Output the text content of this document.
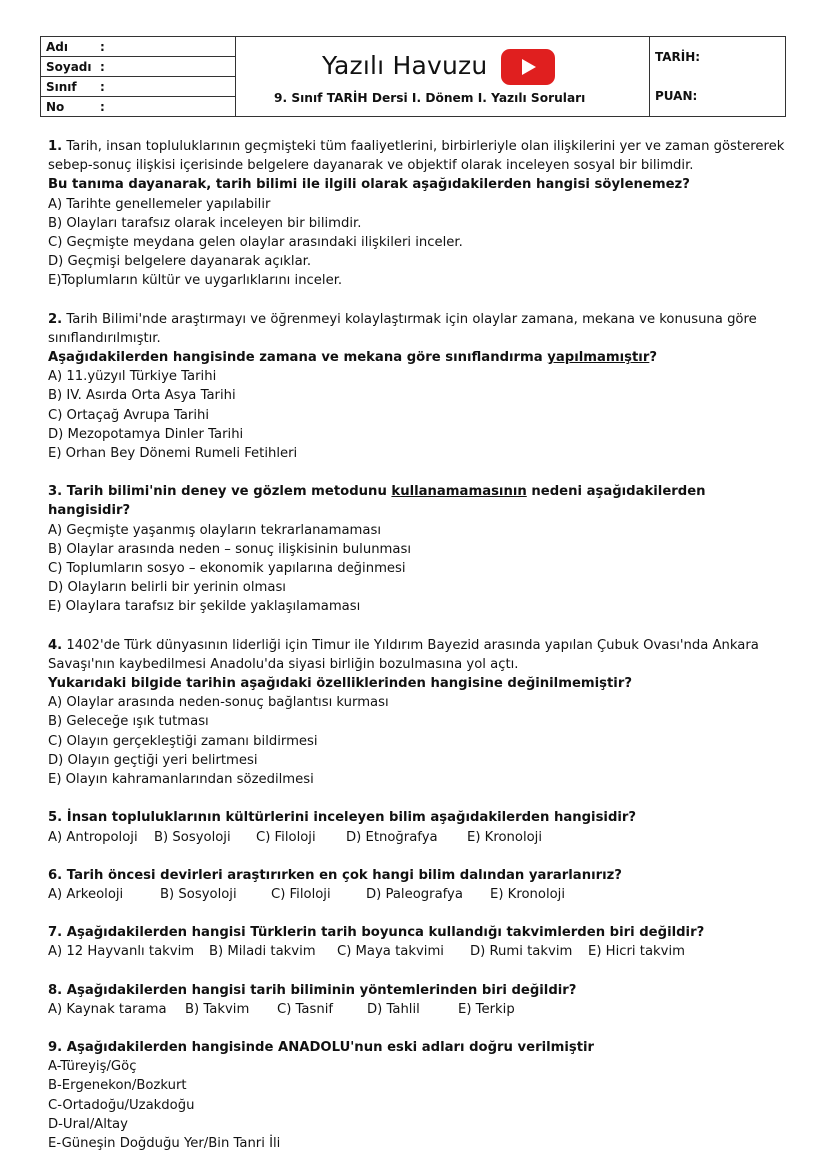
Adı	:
Soyadı :
Sınıf	:
No	:
Yazılı Havuzu
9. Sınıf TARİH Dersi I. Dönem I. Yazılı Soruları
TARİH:
PUAN:
1. Tarih, insan topluluklarının geçmişteki tüm faaliyetlerini, birbirleriyle olan ilişkilerini yer ve zaman göstererek sebep-sonuç ilişkisi içerisinde belgelere dayanarak ve objektif olarak inceleyen sosyal bir bilimdir.
Bu tanıma dayanarak, tarih bilimi ile ilgili olarak aşağıdakilerden hangisi söylenemez?
A) Tarihte genellemeler yapılabilir
B) Olayları tarafsız olarak inceleyen bir bilimdir.
C) Geçmişte meydana gelen olaylar arasındaki ilişkileri inceler.
D) Geçmişi belgelere dayanarak açıklar.
E)Toplumların kültür ve uygarlıklarını inceler.
2. Tarih Bilimi'nde araştırmayı ve öğrenmeyi kolaylaştırmak için olaylar zamana, mekana ve konusuna göre sınıflandırılmıştır.
Aşağıdakilerden hangisinde zamana ve mekana göre sınıflandırma yapılmamıştır?
A) 11.yüzyıl Türkiye Tarihi
B) IV. Asırda Orta Asya Tarihi
C) Ortaçağ Avrupa Tarihi
D) Mezopotamya Dinler Tarihi
E) Orhan Bey Dönemi Rumeli Fetihleri
3. Tarih bilimi'nin deney ve gözlem metodunu kullanamamasının nedeni aşağıdakilerden hangisidir?
A) Geçmişte yaşanmış olayların tekrarlanamaması
B) Olaylar arasında neden – sonuç ilişkisinin bulunması
C) Toplumların sosyo – ekonomik yapılarına değinmesi
D) Olayların belirli bir yerinin olması
E) Olaylara tarafsız bir şekilde yaklaşılamaması
4. 1402'de Türk dünyasının liderliği için Timur ile Yıldırım Bayezid arasında yapılan Çubuk Ovası'nda Ankara Savaşı'nın kaybedilmesi Anadolu'da siyasi birliğin bozulmasına yol açtı.
Yukarıdaki bilgide tarihin aşağıdaki özelliklerinden hangisine değinilmemiştir?
A) Olaylar arasında neden-sonuç bağlantısı kurması
B) Geleceğe ışık tutması
C) Olayın gerçekleştiği zamanı bildirmesi
D) Olayın geçtiği yeri belirtmesi
E) Olayın kahramanlarından sözedilmesi
5. İnsan topluluklarının kültürlerini inceleyen bilim aşağıdakilerden hangisidir?
A) Antropoloji	B) Sosyoloji	C) Filoloji	D) Etnoğrafya	E) Kronoloji
6. Tarih öncesi devirleri araştırırken en çok hangi bilim dalından yararlanırız?
A) Arkeoloji	B) Sosyoloji	C) Filoloji	D) Paleografya	E) Kronoloji
7. Aşağıdakilerden hangisi Türklerin tarih boyunca kullandığı takvimlerden biri değildir?
A) 12 Hayvanlı takvim	B) Miladi takvim	C) Maya takvimi	D) Rumi takvim	E) Hicri takvim
8. Aşağıdakilerden hangisi tarih biliminin yöntemlerinden biri değildir?
A) Kaynak tarama	B) Takvim	C) Tasnif	D) Tahlil	E) Terkip
9. Aşağıdakilerden hangisinde ANADOLU'nun eski adları doğru verilmiştir
A-Türeyiş/Göç
B-Ergenekon/Bozkurt
C-Ortadoğu/Uzakdoğu
D-Ural/Altay
E-Güneşin Doğduğu Yer/Bin Tanri İli
